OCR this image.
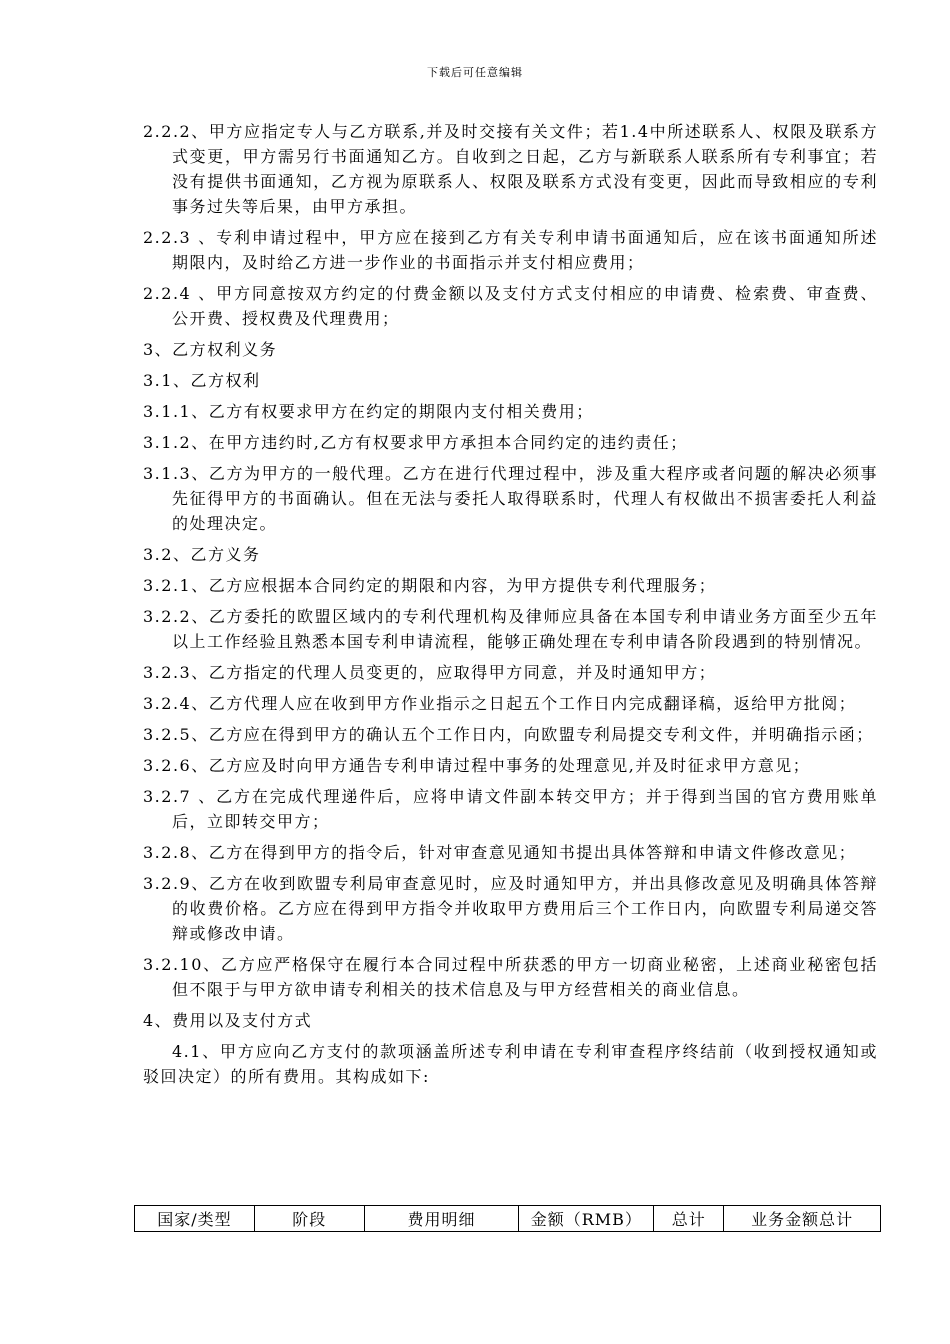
下载后可任意编辑

2.2.2、甲方应指定专人与乙方联系,并及时交接有关文件；若1.4中所述联系人、权限及联系方式变更，甲方需另行书面通知乙方。自收到之日起，乙方与新联系人联系所有专利事宜；若没有提供书面通知，乙方视为原联系人、权限及联系方式没有变更，因此而导致相应的专利事务过失等后果，由甲方承担。

2.2.3 、专利申请过程中，甲方应在接到乙方有关专利申请书面通知后，应在该书面通知所述期限内，及时给乙方进一步作业的书面指示并支付相应费用；

2.2.4 、甲方同意按双方约定的付费金额以及支付方式支付相应的申请费、检索费、审查费、公开费、授权费及代理费用；

3、乙方权利义务

3.1、乙方权利

3.1.1、乙方有权要求甲方在约定的期限内支付相关费用；

3.1.2、在甲方违约时,乙方有权要求甲方承担本合同约定的违约责任；

3.1.3、乙方为甲方的一般代理。乙方在进行代理过程中，涉及重大程序或者问题的解决必须事先征得甲方的书面确认。但在无法与委托人取得联系时，代理人有权做出不损害委托人利益的处理决定。

3.2、乙方义务

3.2.1、乙方应根据本合同约定的期限和内容，为甲方提供专利代理服务；

3.2.2、乙方委托的欧盟区域内的专利代理机构及律师应具备在本国专利申请业务方面至少五年以上工作经验且熟悉本国专利申请流程，能够正确处理在专利申请各阶段遇到的特别情况。

3.2.3、乙方指定的代理人员变更的，应取得甲方同意，并及时通知甲方；

3.2.4、乙方代理人应在收到甲方作业指示之日起五个工作日内完成翻译稿，返给甲方批阅；

3.2.5、乙方应在得到甲方的确认五个工作日内，向欧盟专利局提交专利文件，并明确指示函；

3.2.6、乙方应及时向甲方通告专利申请过程中事务的处理意见,并及时征求甲方意见；

3.2.7 、乙方在完成代理递件后，应将申请文件副本转交甲方；并于得到当国的官方费用账单后，立即转交甲方；

3.2.8、乙方在得到甲方的指令后，针对审查意见通知书提出具体答辩和申请文件修改意见；

3.2.9、乙方在收到欧盟专利局审查意见时，应及时通知甲方，并出具修改意见及明确具体答辩的收费价格。乙方应在得到甲方指令并收取甲方费用后三个工作日内，向欧盟专利局递交答辩或修改申请。

3.2.10、乙方应严格保守在履行本合同过程中所获悉的甲方一切商业秘密，上述商业秘密包括但不限于与甲方欲申请专利相关的技术信息及与甲方经营相关的商业信息。

4、费用以及支付方式

4.1、甲方应向乙方支付的款项涵盖所述专利申请在专利审查程序终结前（收到授权通知或驳回决定）的所有费用。其构成如下:

国家/类型	阶段	费用明细	金额（RMB）	总计	业务金额总计
